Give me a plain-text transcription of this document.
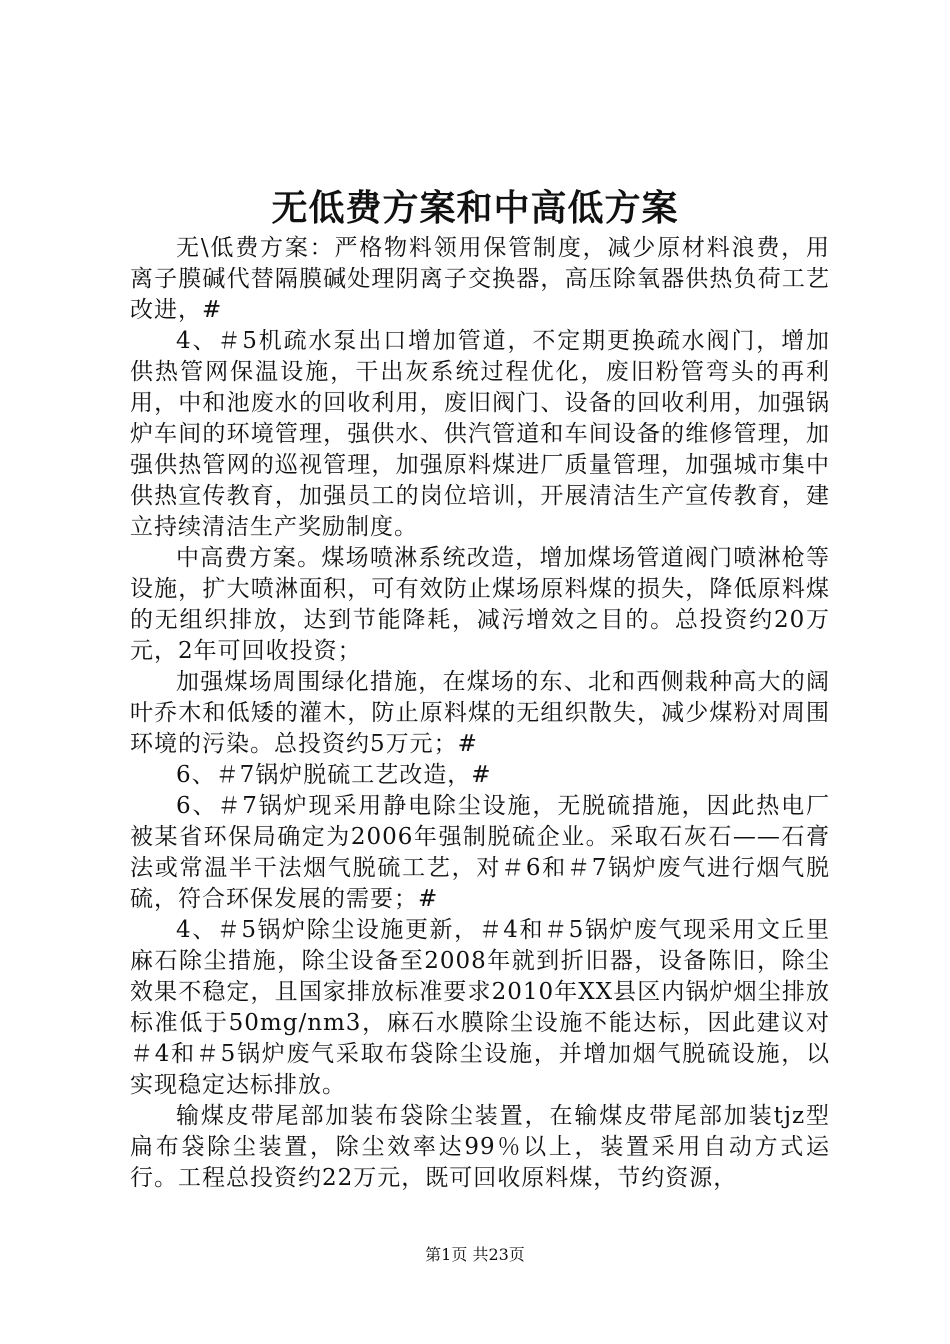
无低费方案和中高低方案

无\低费方案：严格物料领用保管制度，减少原材料浪费，用离子膜碱代替隔膜碱处理阴离子交换器，高压除氧器供热负荷工艺改进，#

4、＃5机疏水泵出口增加管道，不定期更换疏水阀门，增加供热管网保温设施，干出灰系统过程优化，废旧粉管弯头的再利用，中和池废水的回收利用，废旧阀门、设备的回收利用，加强锅炉车间的环境管理，强供水、供汽管道和车间设备的维修管理，加强供热管网的巡视管理，加强原料煤进厂质量管理，加强城市集中供热宣传教育，加强员工的岗位培训，开展清洁生产宣传教育，建立持续清洁生产奖励制度。

中高费方案。煤场喷淋系统改造，增加煤场管道阀门喷淋枪等设施，扩大喷淋面积，可有效防止煤场原料煤的损失，降低原料煤的无组织排放，达到节能降耗，减污增效之目的。总投资约20万元，2年可回收投资；

加强煤场周围绿化措施，在煤场的东、北和西侧栽种高大的阔叶乔木和低矮的灌木，防止原料煤的无组织散失，减少煤粉对周围环境的污染。总投资约5万元；#

6、＃7锅炉脱硫工艺改造，#

6、＃7锅炉现采用静电除尘设施，无脱硫措施，因此热电厂被某省环保局确定为2006年强制脱硫企业。采取石灰石——石膏法或常温半干法烟气脱硫工艺，对＃6和＃7锅炉废气进行烟气脱硫，符合环保发展的需要；#

4、＃5锅炉除尘设施更新，＃4和＃5锅炉废气现采用文丘里麻石除尘措施，除尘设备至2008年就到折旧器，设备陈旧，除尘效果不稳定，且国家排放标准要求2010年XX县区内锅炉烟尘排放标准低于50mg/nm3，麻石水膜除尘设施不能达标，因此建议对＃4和＃5锅炉废气采取布袋除尘设施，并增加烟气脱硫设施，以实现稳定达标排放。

输煤皮带尾部加装布袋除尘装置，在输煤皮带尾部加装tjz型扁布袋除尘装置，除尘效率达99％以上，装置采用自动方式运行。工程总投资约22万元，既可回收原料煤，节约资源，

第1页 共23页
